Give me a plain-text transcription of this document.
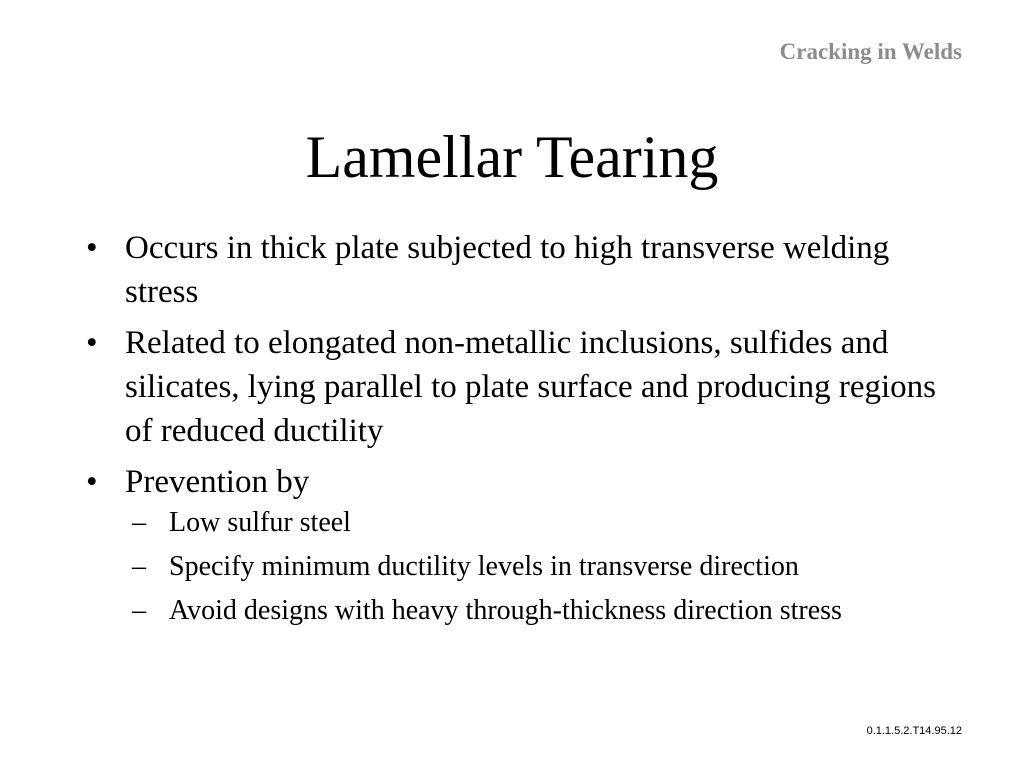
Cracking in Welds
Lamellar Tearing
• Occurs in thick plate subjected to high transverse welding stress
• Related to elongated non-metallic inclusions, sulfides and silicates, lying parallel to plate surface and producing regions of reduced ductility
• Prevention by
– Low sulfur steel
– Specify minimum ductility levels in transverse direction
– Avoid designs with heavy through-thickness direction stress
0.1.1.5.2.T14.95.12
